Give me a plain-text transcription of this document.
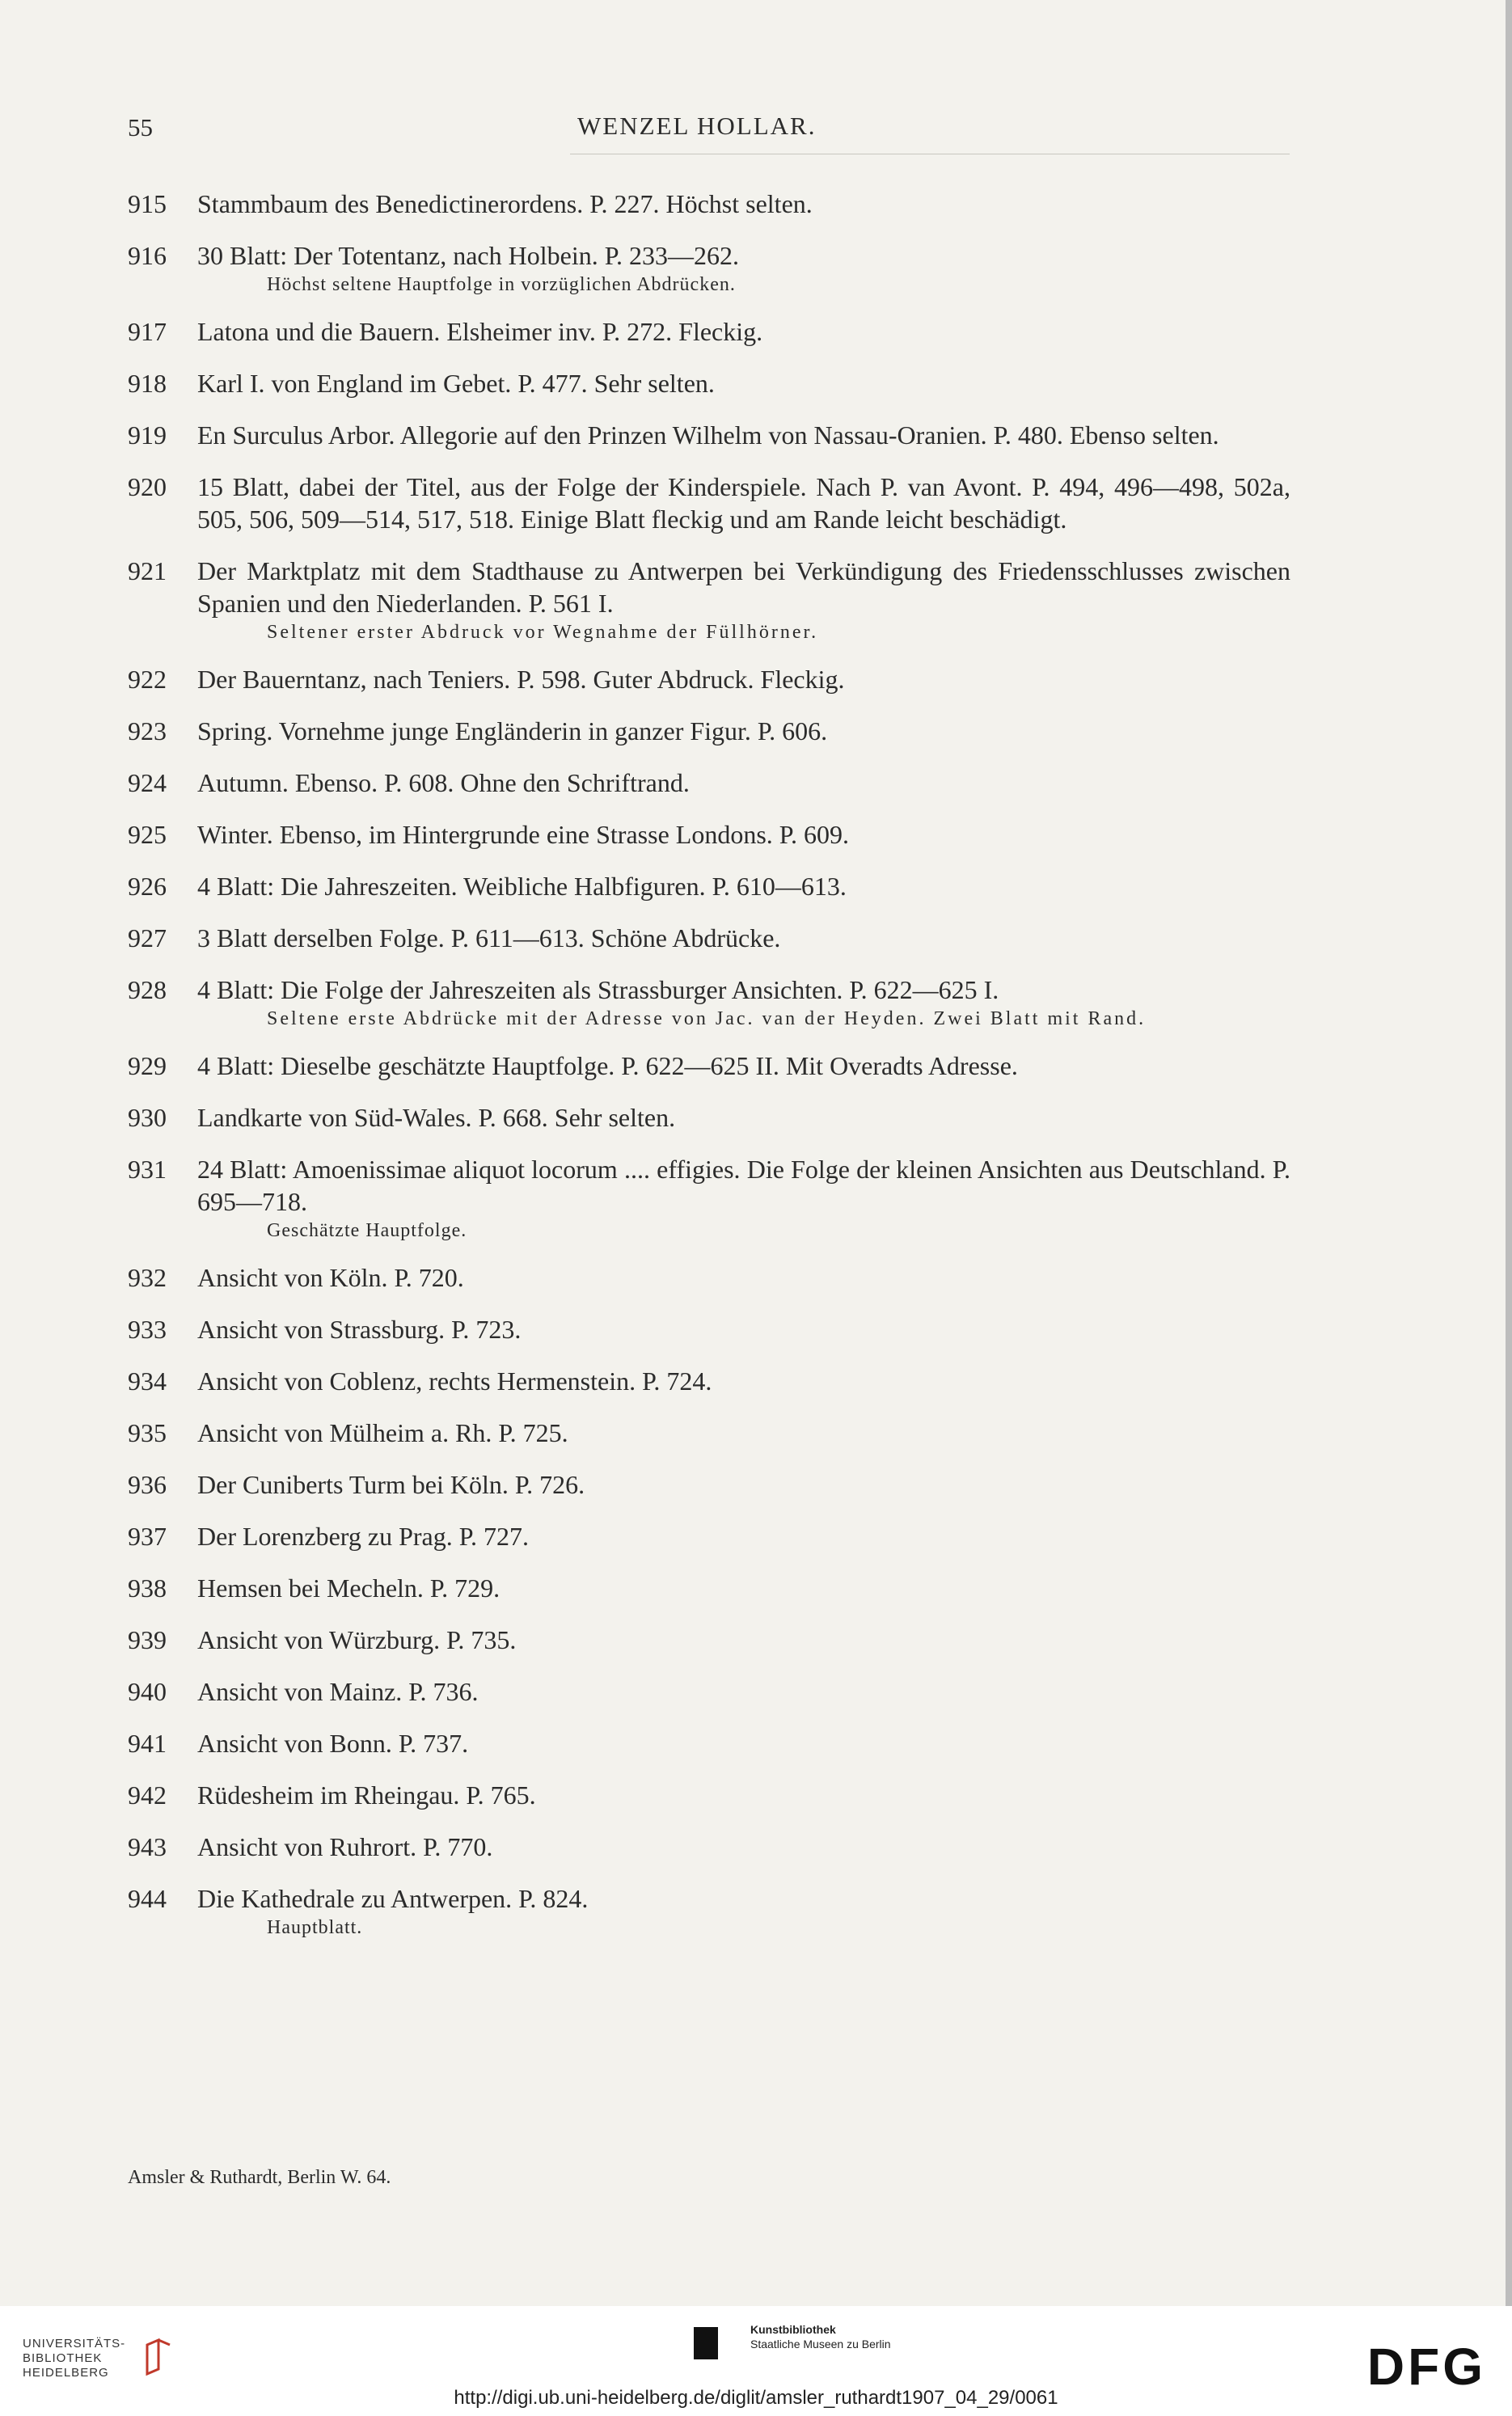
WENZEL HOLLAR.
55
915	Stammbaum des Benedictinerordens. P. 227. Höchst selten.
916	30 Blatt: Der Totentanz, nach Holbein. P. 233—262.
Höchst seltene Hauptfolge in vorzüglichen Abdrücken.
917	Latona und die Bauern. Elsheimer inv. P. 272. Fleckig.
918	Karl I. von England im Gebet. P. 477. Sehr selten.
919	En Surculus Arbor. Allegorie auf den Prinzen Wilhelm von Nassau-Oranien. P. 480. Ebenso selten.
920	15 Blatt, dabei der Titel, aus der Folge der Kinderspiele. Nach P. van Avont. P. 494, 496—498, 502a, 505, 506, 509—514, 517, 518. Einige Blatt fleckig und am Rande leicht beschädigt.
921	Der Marktplatz mit dem Stadthause zu Antwerpen bei Verkündigung des Friedensschlusses zwischen Spanien und den Niederlanden. P. 561 I.
Seltener erster Abdruck vor Wegnahme der Füllhörner.
922	Der Bauerntanz, nach Teniers. P. 598. Guter Abdruck. Fleckig.
923	Spring. Vornehme junge Engländerin in ganzer Figur. P. 606.
924	Autumn. Ebenso. P. 608. Ohne den Schriftrand.
925	Winter. Ebenso, im Hintergrunde eine Strasse Londons. P. 609.
926	4 Blatt: Die Jahreszeiten. Weibliche Halbfiguren. P. 610—613.
927	3 Blatt derselben Folge. P. 611—613. Schöne Abdrücke.
928	4 Blatt: Die Folge der Jahreszeiten als Strassburger Ansichten. P. 622—625 I.
Seltene erste Abdrücke mit der Adresse von Jac. van der Heyden. Zwei Blatt mit Rand.
929	4 Blatt: Dieselbe geschätzte Hauptfolge. P. 622—625 II. Mit Overadts Adresse.
930	Landkarte von Süd-Wales. P. 668. Sehr selten.
931	24 Blatt: Amoenissimae aliquot locorum .... effigies. Die Folge der kleinen Ansichten aus Deutschland. P. 695—718.
Geschätzte Hauptfolge.
932	Ansicht von Köln. P. 720.
933	Ansicht von Strassburg. P. 723.
934	Ansicht von Coblenz, rechts Hermenstein. P. 724.
935	Ansicht von Mülheim a. Rh. P. 725.
936	Der Cuniberts Turm bei Köln. P. 726.
937	Der Lorenzberg zu Prag. P. 727.
938	Hemsen bei Mecheln. P. 729.
939	Ansicht von Würzburg. P. 735.
940	Ansicht von Mainz. P. 736.
941	Ansicht von Bonn. P. 737.
942	Rüdesheim im Rheingau. P. 765.
943	Ansicht von Ruhrort. P. 770.
944	Die Kathedrale zu Antwerpen. P. 824.
Hauptblatt.
Amsler & Ruthardt, Berlin W. 64.
UNIVERSITÄTS-
BIBLIOTHEK
HEIDELBERG
Kunstbibliothek
Staatliche Museen zu Berlin	DFG
http://digi.ub.uni-heidelberg.de/diglit/amsler_ruthardt1907_04_29/0061
